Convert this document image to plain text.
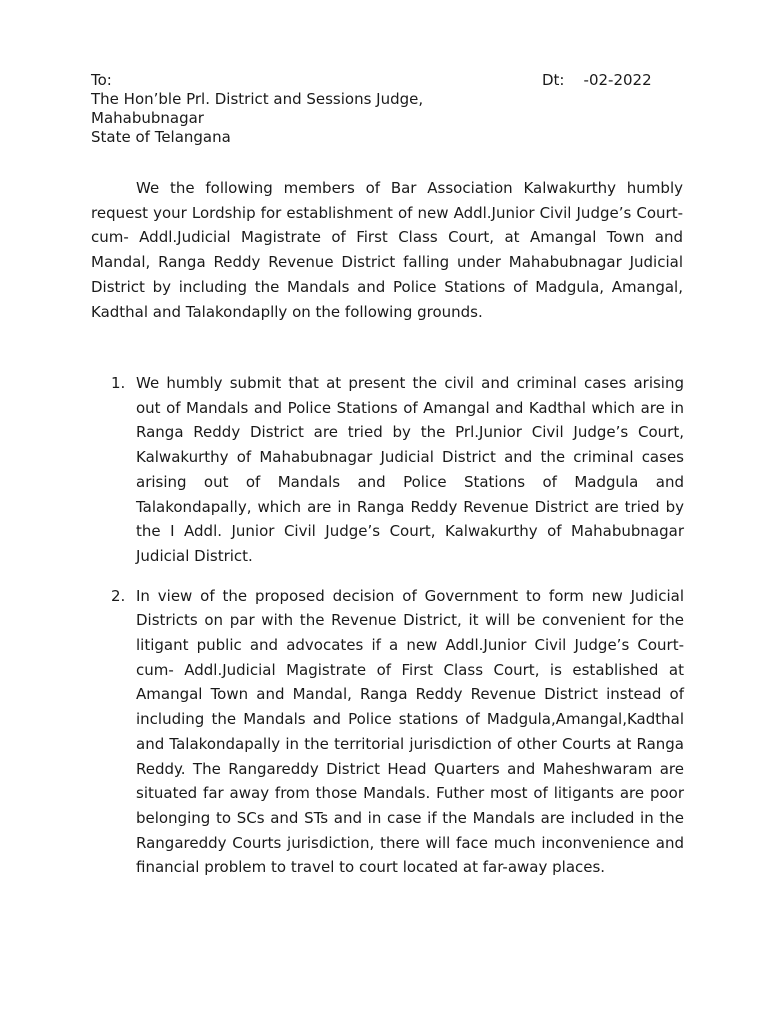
To:	Dt:    -02-2022
The Hon’ble Prl. District and Sessions Judge,
Mahabubnagar
State of Telangana

We the following members of Bar Association Kalwakurthy humbly request your Lordship for establishment of new Addl.Junior Civil Judge’s Court-cum- Addl.Judicial Magistrate of First Class Court, at Amangal Town and Mandal, Ranga Reddy Revenue District falling under Mahabubnagar Judicial District by including the Mandals and Police Stations of Madgula, Amangal, Kadthal and Talakondaplly on the following grounds.

1. We humbly submit that at present the civil and criminal cases arising out of Mandals and Police Stations of Amangal and Kadthal which are in Ranga Reddy District are tried by the Prl.Junior Civil Judge’s Court, Kalwakurthy of Mahabubnagar Judicial District and the criminal cases arising out of Mandals and Police Stations of Madgula and Talakondapally, which are in Ranga Reddy Revenue District are tried by the I Addl. Junior Civil Judge’s Court, Kalwakurthy of Mahabubnagar Judicial District.
2. In view of the proposed decision of Government to form new Judicial Districts on par with the Revenue District, it will be convenient for the litigant public and advocates if a new Addl.Junior Civil Judge’s Court-cum- Addl.Judicial Magistrate of First Class Court, is established at Amangal Town and Mandal, Ranga Reddy Revenue District instead of including the Mandals and Police stations of Madgula,Amangal,Kadthal and Talakondapally in the territorial jurisdiction of other Courts at Ranga Reddy. The Rangareddy District Head Quarters and Maheshwaram are situated far away from those Mandals. Futher most of litigants are poor belonging to SCs and STs and in case if the Mandals are included in the Rangareddy Courts jurisdiction, there will face much inconvenience and financial problem to travel to court located at far-away places.
